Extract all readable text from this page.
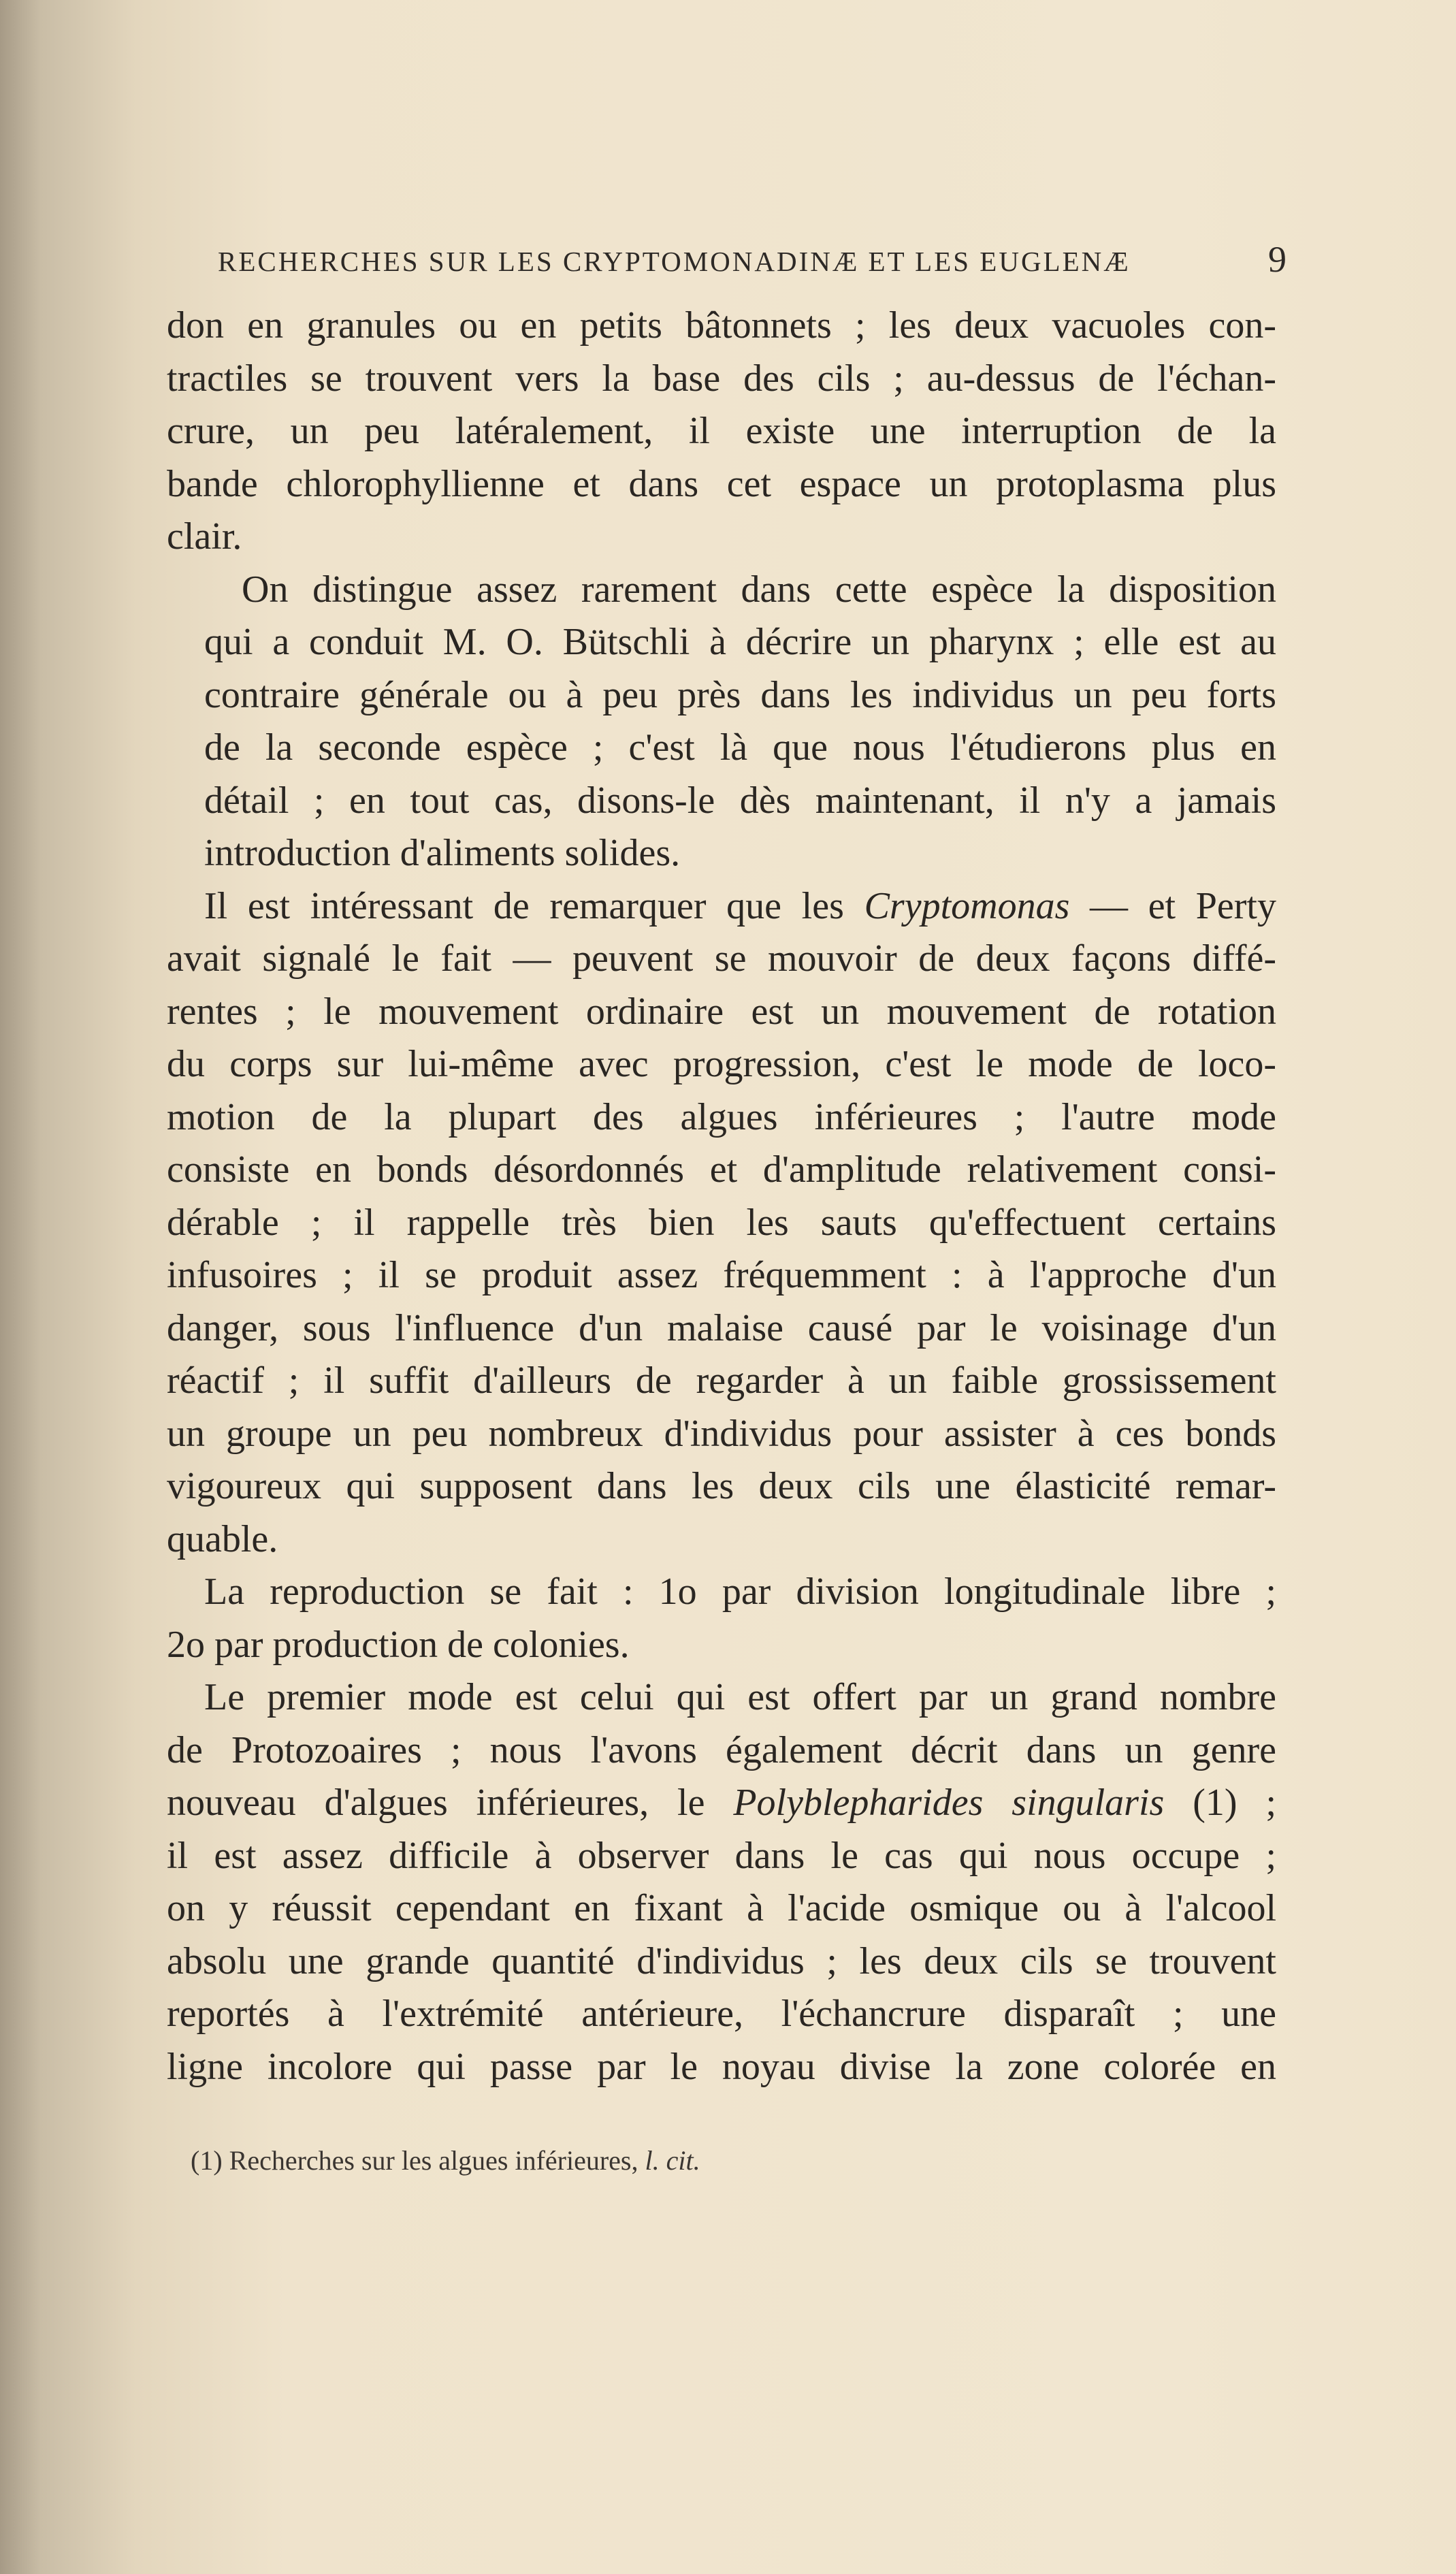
RECHERCHES SUR LES CRYPTOMONADINÆ ET LES EUGLENÆ	9

don en granules ou en petits bâtonnets ; les deux vacuoles con-
tractiles se trouvent vers la base des cils ; au-dessus de l'échan-
crure, un peu latéralement, il existe une interruption de la
bande chlorophyllienne et dans cet espace un protoplasma plus
clair.

On distingue assez rarement dans cette espèce la disposition
qui a conduit M. O. Bütschli à décrire un pharynx ; elle est au
contraire générale ou à peu près dans les individus un peu forts
de la seconde espèce ; c'est là que nous l'étudierons plus en
détail ; en tout cas, disons-le dès maintenant, il n'y a jamais
introduction d'aliments solides.

Il est intéressant de remarquer que les Cryptomonas — et Perty
avait signalé le fait — peuvent se mouvoir de deux façons diffé-
rentes ; le mouvement ordinaire est un mouvement de rotation
du corps sur lui-même avec progression, c'est le mode de loco-
motion de la plupart des algues inférieures ; l'autre mode
consiste en bonds désordonnés et d'amplitude relativement consi-
dérable ; il rappelle très bien les sauts qu'effectuent certains
infusoires ; il se produit assez fréquemment : à l'approche d'un
danger, sous l'influence d'un malaise causé par le voisinage d'un
réactif ; il suffit d'ailleurs de regarder à un faible grossissement
un groupe un peu nombreux d'individus pour assister à ces bonds
vigoureux qui supposent dans les deux cils une élasticité remar-
quable.

La reproduction se fait : 1o par division longitudinale libre ;
2o par production de colonies.

Le premier mode est celui qui est offert par un grand nombre
de Protozoaires ; nous l'avons également décrit dans un genre
nouveau d'algues inférieures, le Polyblepharides singularis (1) ;
il est assez difficile à observer dans le cas qui nous occupe ;
on y réussit cependant en fixant à l'acide osmique ou à l'alcool
absolu une grande quantité d'individus ; les deux cils se trouvent
reportés à l'extrémité antérieure, l'échancrure disparaît ; une
ligne incolore qui passe par le noyau divise la zone colorée en

(1) Recherches sur les algues inférieures, l. cit.
